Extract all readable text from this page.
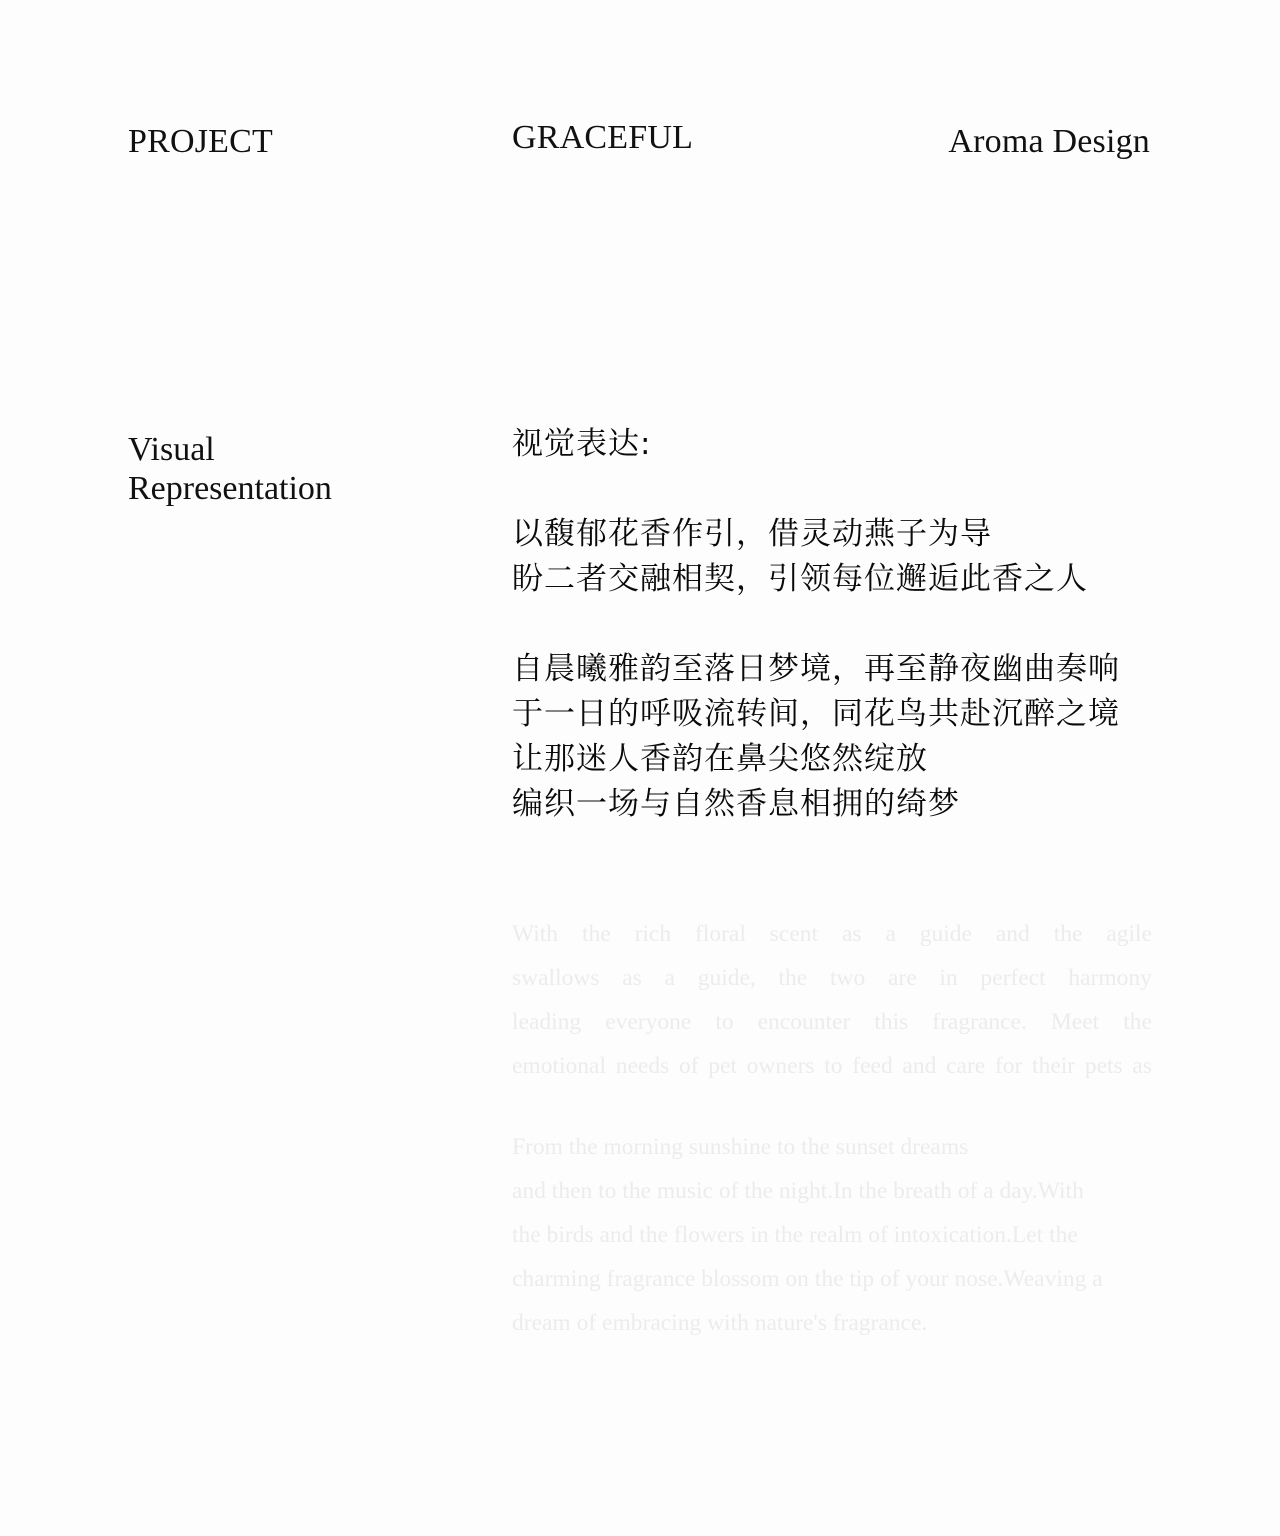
PROJECT	GRACEFUL	Aroma Design
Visual
Representation
视觉表达:
以馥郁花香作引，借灵动燕子为导
盼二者交融相契，引领每位邂逅此香之人
自晨曦雅韵至落日梦境，再至静夜幽曲奏响
于一日的呼吸流转间，同花鸟共赴沉醉之境
让那迷人香韵在鼻尖悠然绽放
编织一场与自然香息相拥的绮梦
With the rich floral scent as a guide and the agile
swallows as a guide, the two are in perfect harmony
leading everyone to encounter this fragrance. Meet the
emotional needs of pet owners to feed and care for their pets as
From the morning sunshine to the sunset dreams
and then to the music of the night.In the breath of a day.With
the birds and the flowers in the realm of intoxication.Let the
charming fragrance blossom on the tip of your nose.Weaving a
dream of embracing with nature's fragrance.
